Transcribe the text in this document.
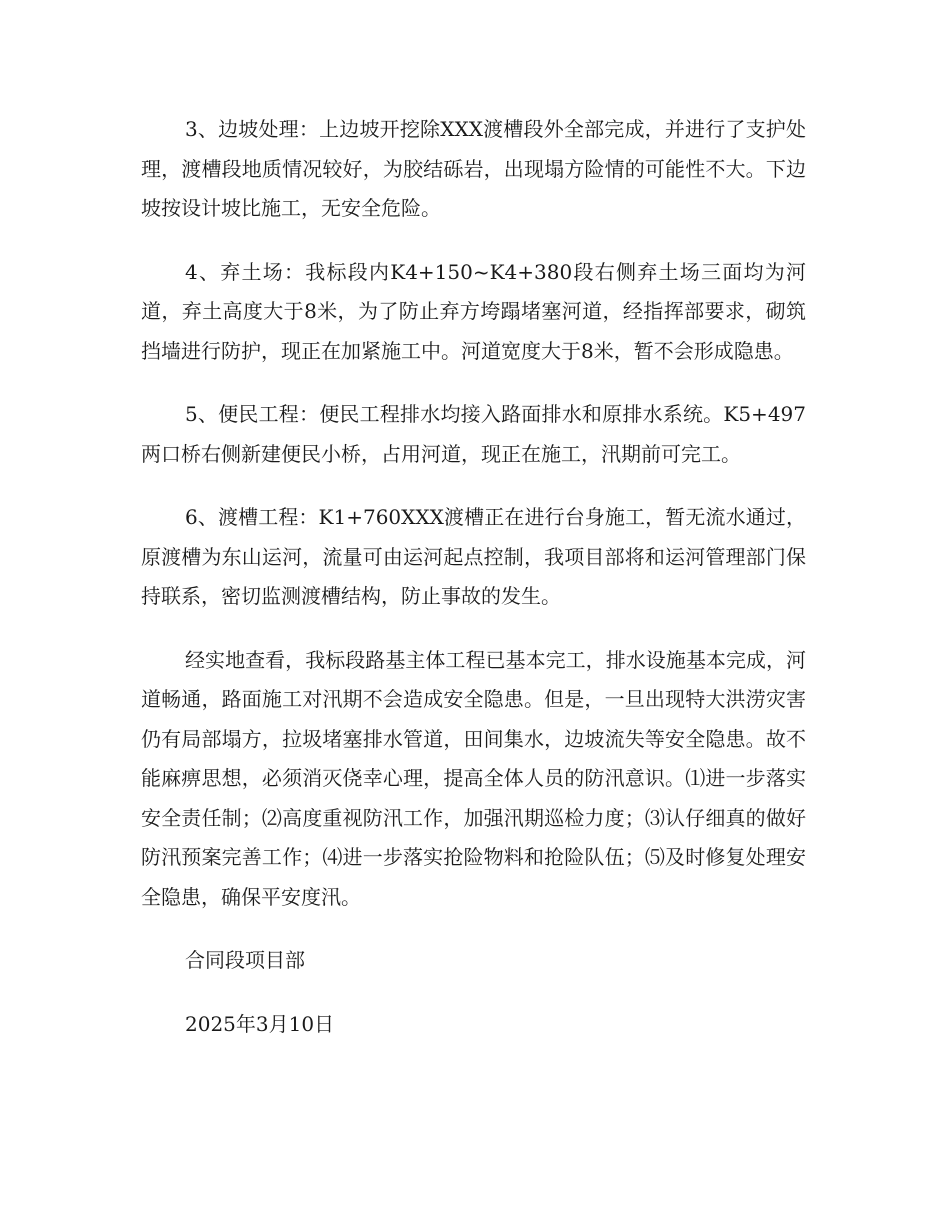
3、边坡处理：上边坡开挖除XXX渡槽段外全部完成，并进行了支护处理，渡槽段地质情况较好，为胶结砾岩，出现塌方险情的可能性不大。下边坡按设计坡比施工，无安全危险。

4、弃土场：我标段内K4+150~K4+380段右侧弃土场三面均为河道，弃土高度大于8米，为了防止弃方垮蹋堵塞河道，经指挥部要求，砌筑挡墙进行防护，现正在加紧施工中。河道宽度大于8米，暂不会形成隐患。

5、便民工程：便民工程排水均接入路面排水和原排水系统。K5+497两口桥右侧新建便民小桥，占用河道，现正在施工，汛期前可完工。

6、渡槽工程：K1+760XXX渡槽正在进行台身施工，暂无流水通过，原渡槽为东山运河，流量可由运河起点控制，我项目部将和运河管理部门保持联系，密切监测渡槽结构，防止事故的发生。

经实地查看，我标段路基主体工程已基本完工，排水设施基本完成，河道畅通，路面施工对汛期不会造成安全隐患。但是，一旦出现特大洪涝灾害仍有局部塌方，拉圾堵塞排水管道，田间集水，边坡流失等安全隐患。故不能麻痹思想，必须消灭侥幸心理，提高全体人员的防汛意识。⑴进一步落实安全责任制；⑵高度重视防汛工作，加强汛期巡检力度；⑶认仔细真的做好防汛预案完善工作；⑷进一步落实抢险物料和抢险队伍；⑸及时修复处理安全隐患，确保平安度汛。

合同段项目部

2025年3月10日
